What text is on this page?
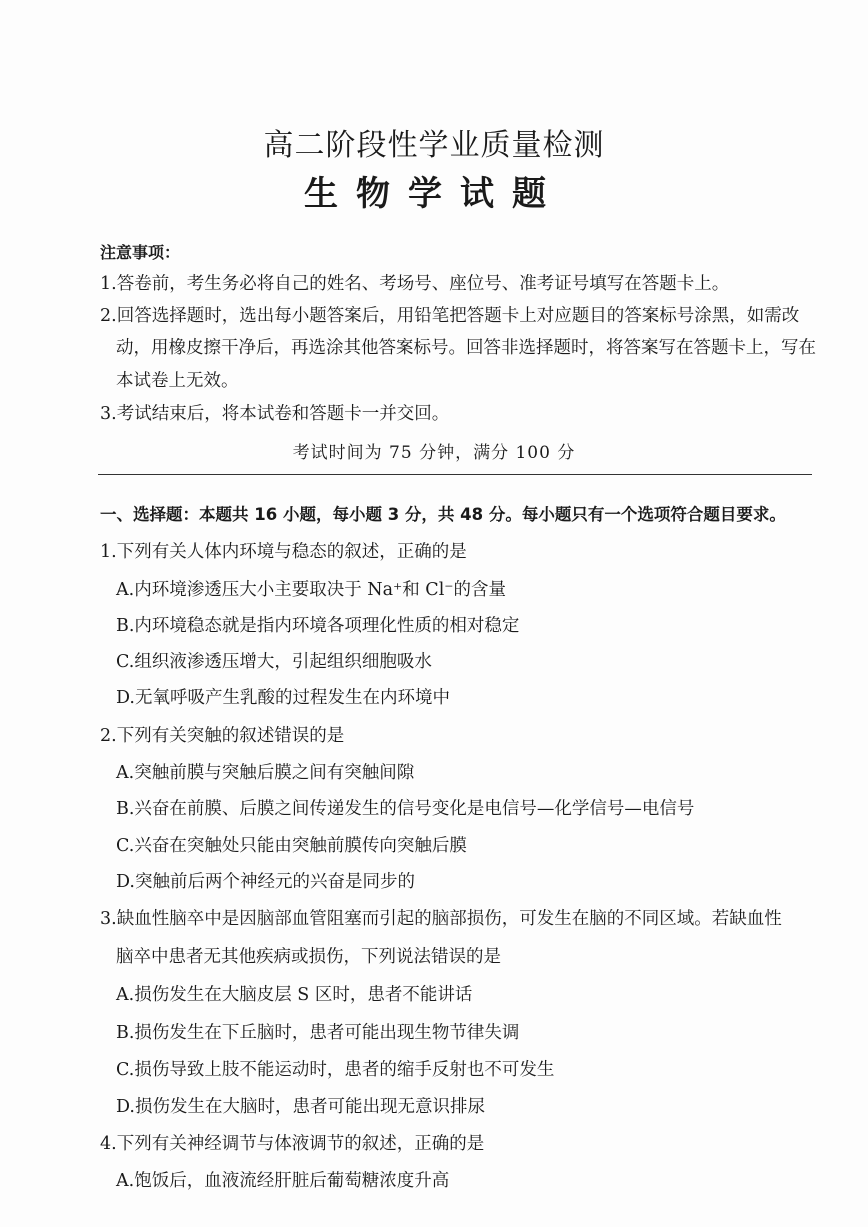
高二阶段性学业质量检测
生物学试题
注意事项：
1.答卷前，考生务必将自己的姓名、考场号、座位号、准考证号填写在答题卡上。
2.回答选择题时，选出每小题答案后，用铅笔把答题卡上对应题目的答案标号涂黑，如需改
动，用橡皮擦干净后，再选涂其他答案标号。回答非选择题时，将答案写在答题卡上，写在
本试卷上无效。
3.考试结束后，将本试卷和答题卡一并交回。
考试时间为 75 分钟，满分 100 分
一、选择题：本题共 16 小题，每小题 3 分，共 48 分。每小题只有一个选项符合题目要求。
1.下列有关人体内环境与稳态的叙述，正确的是
A.内环境渗透压大小主要取决于 Na⁺和 Cl⁻的含量
B.内环境稳态就是指内环境各项理化性质的相对稳定
C.组织液渗透压增大，引起组织细胞吸水
D.无氧呼吸产生乳酸的过程发生在内环境中
2.下列有关突触的叙述错误的是
A.突触前膜与突触后膜之间有突触间隙
B.兴奋在前膜、后膜之间传递发生的信号变化是电信号—化学信号—电信号
C.兴奋在突触处只能由突触前膜传向突触后膜
D.突触前后两个神经元的兴奋是同步的
3.缺血性脑卒中是因脑部血管阻塞而引起的脑部损伤，可发生在脑的不同区域。若缺血性
脑卒中患者无其他疾病或损伤，下列说法错误的是
A.损伤发生在大脑皮层 S 区时，患者不能讲话
B.损伤发生在下丘脑时，患者可能出现生物节律失调
C.损伤导致上肢不能运动时，患者的缩手反射也不可发生
D.损伤发生在大脑时，患者可能出现无意识排尿
4.下列有关神经调节与体液调节的叙述，正确的是
A.饱饭后，血液流经肝脏后葡萄糖浓度升高
